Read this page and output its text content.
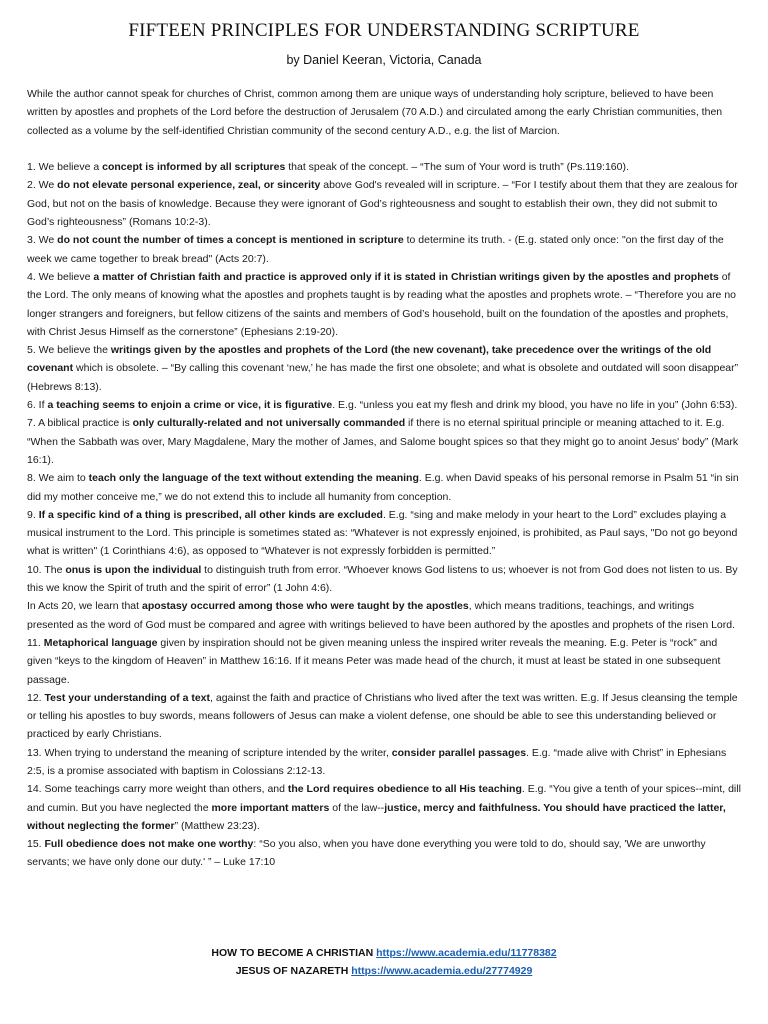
FIFTEEN PRINCIPLES FOR UNDERSTANDING SCRIPTURE
by Daniel Keeran, Victoria, Canada

While the author cannot speak for churches of Christ, common among them are unique ways of understanding holy scripture, believed to have been written by apostles and prophets of the Lord before the destruction of Jerusalem (70 A.D.) and circulated among the early Christian communities, then collected as a volume by the self-identified Christian community of the second century A.D., e.g. the list of Marcion.

1. We believe a concept is informed by all scriptures that speak of the concept. – “The sum of Your word is truth” (Ps.119:160).

2. We do not elevate personal experience, zeal, or sincerity above God's revealed will in scripture. – “For I testify about them that they are zealous for God, but not on the basis of knowledge. Because they were ignorant of God’s righteousness and sought to establish their own, they did not submit to God’s righteousness” (Romans 10:2-3).

3. We do not count the number of times a concept is mentioned in scripture to determine its truth. - (E.g. stated only once: "on the first day of the week we came together to break bread" (Acts 20:7).

4. We believe a matter of Christian faith and practice is approved only if it is stated in Christian writings given by the apostles and prophets of the Lord. The only means of knowing what the apostles and prophets taught is by reading what the apostles and prophets wrote. – “Therefore you are no longer strangers and foreigners, but fellow citizens of the saints and members of God’s household, built on the foundation of the apostles and prophets, with Christ Jesus Himself as the cornerstone” (Ephesians 2:19-20).

5. We believe the writings given by the apostles and prophets of the Lord (the new covenant), take precedence over the writings of the old covenant which is obsolete. – “By calling this covenant ‘new,’ he has made the first one obsolete; and what is obsolete and outdated will soon disappear” (Hebrews 8:13).

6. If a teaching seems to enjoin a crime or vice, it is figurative. E.g. “unless you eat my flesh and drink my blood, you have no life in you” (John 6:53).

7. A biblical practice is only culturally-related and not universally commanded if there is no eternal spiritual principle or meaning attached to it. E.g. “When the Sabbath was over, Mary Magdalene, Mary the mother of James, and Salome bought spices so that they might go to anoint Jesus' body” (Mark 16:1).

8. We aim to teach only the language of the text without extending the meaning. E.g. when David speaks of his personal remorse in Psalm 51 “in sin did my mother conceive me,” we do not extend this to include all humanity from conception.

9. If a specific kind of a thing is prescribed, all other kinds are excluded. E.g. “sing and make melody in your heart to the Lord” excludes playing a musical instrument to the Lord. This principle is sometimes stated as: “Whatever is not expressly enjoined, is prohibited, as Paul says, "Do not go beyond what is written" (1 Corinthians 4:6), as opposed to “Whatever is not expressly forbidden is permitted.”

10. The onus is upon the individual to distinguish truth from error. “Whoever knows God listens to us; whoever is not from God does not listen to us. By this we know the Spirit of truth and the spirit of error” (1 John 4:6).

In Acts 20, we learn that apostasy occurred among those who were taught by the apostles, which means traditions, teachings, and writings presented as the word of God must be compared and agree with writings believed to have been authored by the apostles and prophets of the risen Lord.

11. Metaphorical language given by inspiration should not be given meaning unless the inspired writer reveals the meaning. E.g. Peter is “rock” and given “keys to the kingdom of Heaven” in Matthew 16:16. If it means Peter was made head of the church, it must at least be stated in one subsequent passage.

12. Test your understanding of a text, against the faith and practice of Christians who lived after the text was written. E.g. If Jesus cleansing the temple or telling his apostles to buy swords, means followers of Jesus can make a violent defense, one should be able to see this understanding believed or practiced by early Christians.

13. When trying to understand the meaning of scripture intended by the writer, consider parallel passages. E.g. “made alive with Christ” in Ephesians 2:5, is a promise associated with baptism in Colossians 2:12-13.

14. Some teachings carry more weight than others, and the Lord requires obedience to all His teaching. E.g. “You give a tenth of your spices--mint, dill and cumin. But you have neglected the more important matters of the law--justice, mercy and faithfulness. You should have practiced the latter, without neglecting the former” (Matthew 23:23).

15. Full obedience does not make one worthy: “So you also, when you have done everything you were told to do, should say, 'We are unworthy servants; we have only done our duty.' ” – Luke 17:10

HOW TO BECOME A CHRISTIAN https://www.academia.edu/11778382
JESUS OF NAZARETH https://www.academia.edu/27774929
